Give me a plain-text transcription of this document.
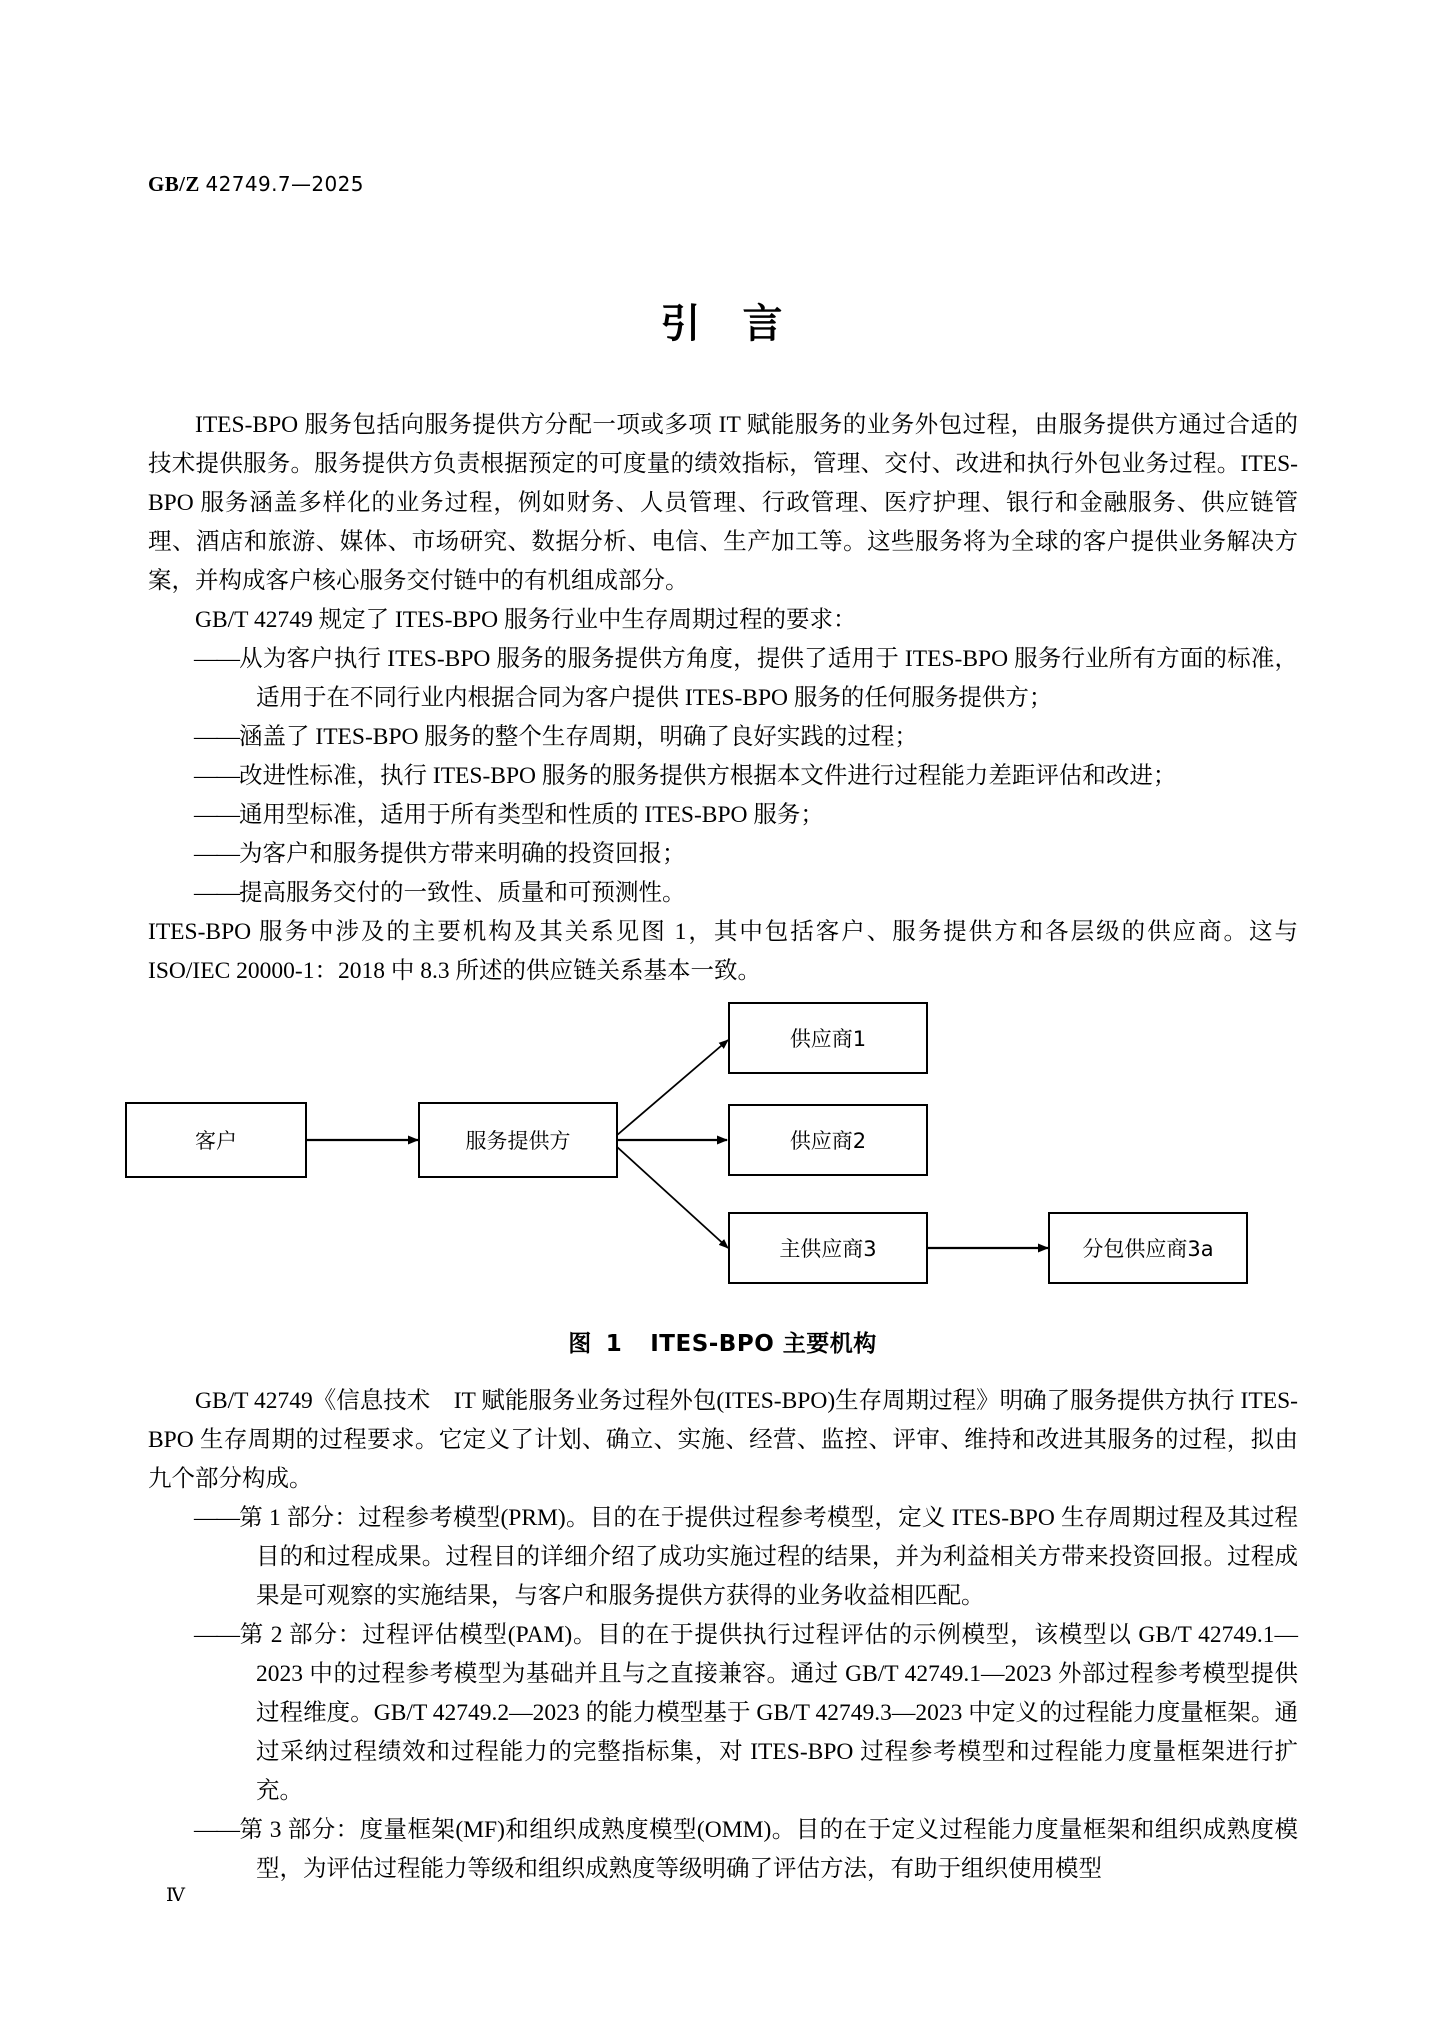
GB/Z 42749.7—2025
引 言

ITES-BPO 服务包括向服务提供方分配一项或多项 IT 赋能服务的业务外包过程，由服务提供方通过合适的技术提供服务。服务提供方负责根据预定的可度量的绩效指标，管理、交付、改进和执行外包业务过程。ITES-BPO 服务涵盖多样化的业务过程，例如财务、人员管理、行政管理、医疗护理、银行和金融服务、供应链管理、酒店和旅游、媒体、市场研究、数据分析、电信、生产加工等。这些服务将为全球的客户提供业务解决方案，并构成客户核心服务交付链中的有机组成部分。

GB/T 42749 规定了 ITES-BPO 服务行业中生存周期过程的要求：

——从为客户执行 ITES-BPO 服务的服务提供方角度，提供了适用于 ITES-BPO 服务行业所有方面的标准，适用于在不同行业内根据合同为客户提供 ITES-BPO 服务的任何服务提供方；
——涵盖了 ITES-BPO 服务的整个生存周期，明确了良好实践的过程；
——改进性标准，执行 ITES-BPO 服务的服务提供方根据本文件进行过程能力差距评估和改进；
——通用型标准，适用于所有类型和性质的 ITES-BPO 服务；
——为客户和服务提供方带来明确的投资回报；
——提高服务交付的一致性、质量和可预测性。

ITES-BPO 服务中涉及的主要机构及其关系见图 1，其中包括客户、服务提供方和各层级的供应商。这与 ISO/IEC 20000-1：2018 中 8.3 所述的供应链关系基本一致。

客户	服务提供方
供应商1
供应商2
主供应商3	分包供应商3a
图 1 ITES-BPO 主要机构

GB/T 42749《信息技术　IT 赋能服务业务过程外包(ITES-BPO)生存周期过程》明确了服务提供方执行 ITES-BPO 生存周期的过程要求。它定义了计划、确立、实施、经营、监控、评审、维持和改进其服务的过程，拟由九个部分构成。

——第 1 部分：过程参考模型(PRM)。目的在于提供过程参考模型，定义 ITES-BPO 生存周期过程及其过程目的和过程成果。过程目的详细介绍了成功实施过程的结果，并为利益相关方带来投资回报。过程成果是可观察的实施结果，与客户和服务提供方获得的业务收益相匹配。
——第 2 部分：过程评估模型(PAM)。目的在于提供执行过程评估的示例模型，该模型以 GB/T 42749.1—2023 中的过程参考模型为基础并且与之直接兼容。通过 GB/T 42749.1—2023 外部过程参考模型提供过程维度。GB/T 42749.2—2023 的能力模型基于 GB/T 42749.3—2023 中定义的过程能力度量框架。通过采纳过程绩效和过程能力的完整指标集，对 ITES-BPO 过程参考模型和过程能力度量框架进行扩充。
——第 3 部分：度量框架(MF)和组织成熟度模型(OMM)。目的在于定义过程能力度量框架和组织成熟度模型，为评估过程能力等级和组织成熟度等级明确了评估方法，有助于组织使用模型
Ⅳ
